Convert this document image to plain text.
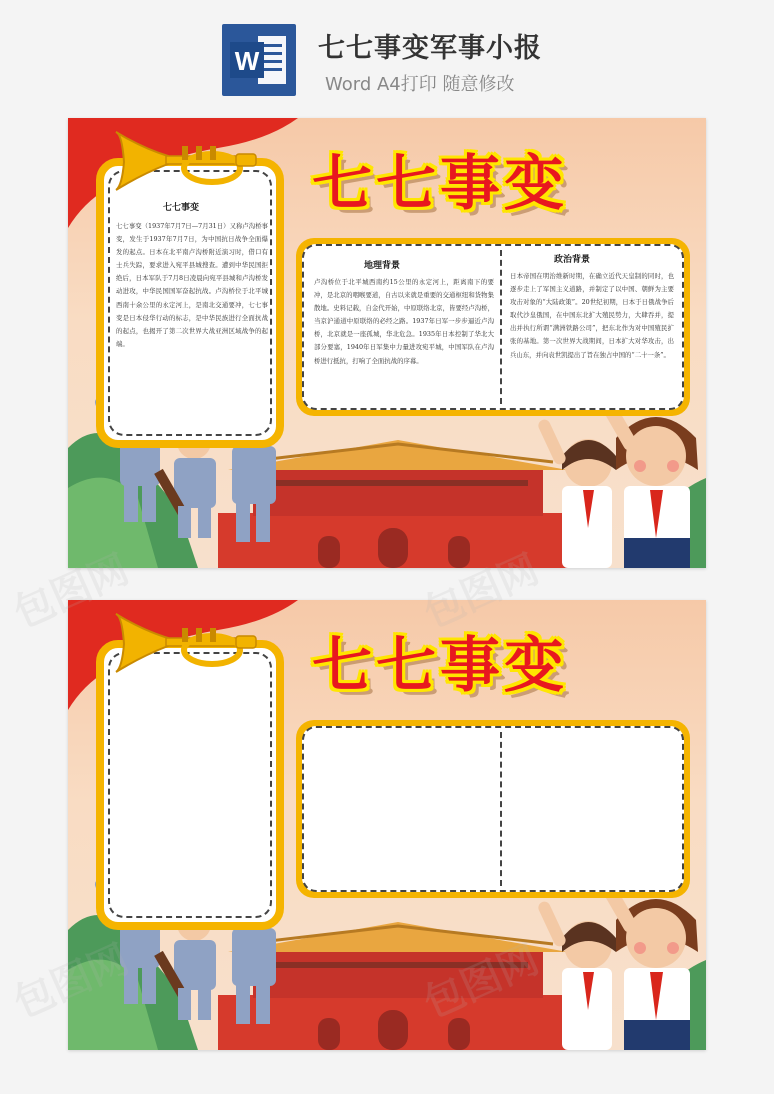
W 七七事变军事小报
Word A4打印 随意修改
七七事变
七七事变
七七事变（1937年7月7日—7月31日）又称卢沟桥事变，发生于1937年7月7日，为中国抗日战争全面爆发的起点。日本在北平南卢沟桥附近演习时，借口有士兵失踪，要求进入宛平县城搜查。遭到中华民国拒绝后，日本军队于7月8日凌晨向宛平县城和卢沟桥发动进攻，中华民国国军奋起抗战。卢沟桥位于北平城西南十余公里的永定河上，是南北交通要冲，七七事变是日本侵华行动的标志，是中华民族进行全面抗战的起点，也揭开了第二次世界大战亚洲区域战争的起端。
地理背景
卢沟桥位于北平城西南约15公里的永定河上，距离南下的要冲，是北京的咽喉要道，自古以来就是重要的交通枢纽和货物集散地。史料记载，自金代开始，中原联络北京，皆要经卢沟桥，当京沪通道中原联络的必经之路。1937年日军一步步逼近卢沟桥，北京就是一座孤城，华北危急。1935年日本控制了华北大部分要塞，1940年日军集中力量进攻宛平城，中国军队在卢沟桥进行抵抗，打响了全面抗战的序幕。
政治背景
日本帝国在明治维新时期，在确立近代天皇制的同时，也逐步走上了军国主义道路，并制定了以中国、朝鲜为主要攻击对象的“大陆政策”。20世纪初期，日本于日俄战争后取代沙皇俄国，在中国东北扩大殖民势力，大肆吞并，提出并执行所谓“满洲铁路公司”，把东北作为对中国殖民扩张的基地。第一次世界大战期间，日本扩大对华攻击，出兵山东，并向袁世凯提出了旨在独占中国的“二十一条”。
七七事变
包图网	包图网
